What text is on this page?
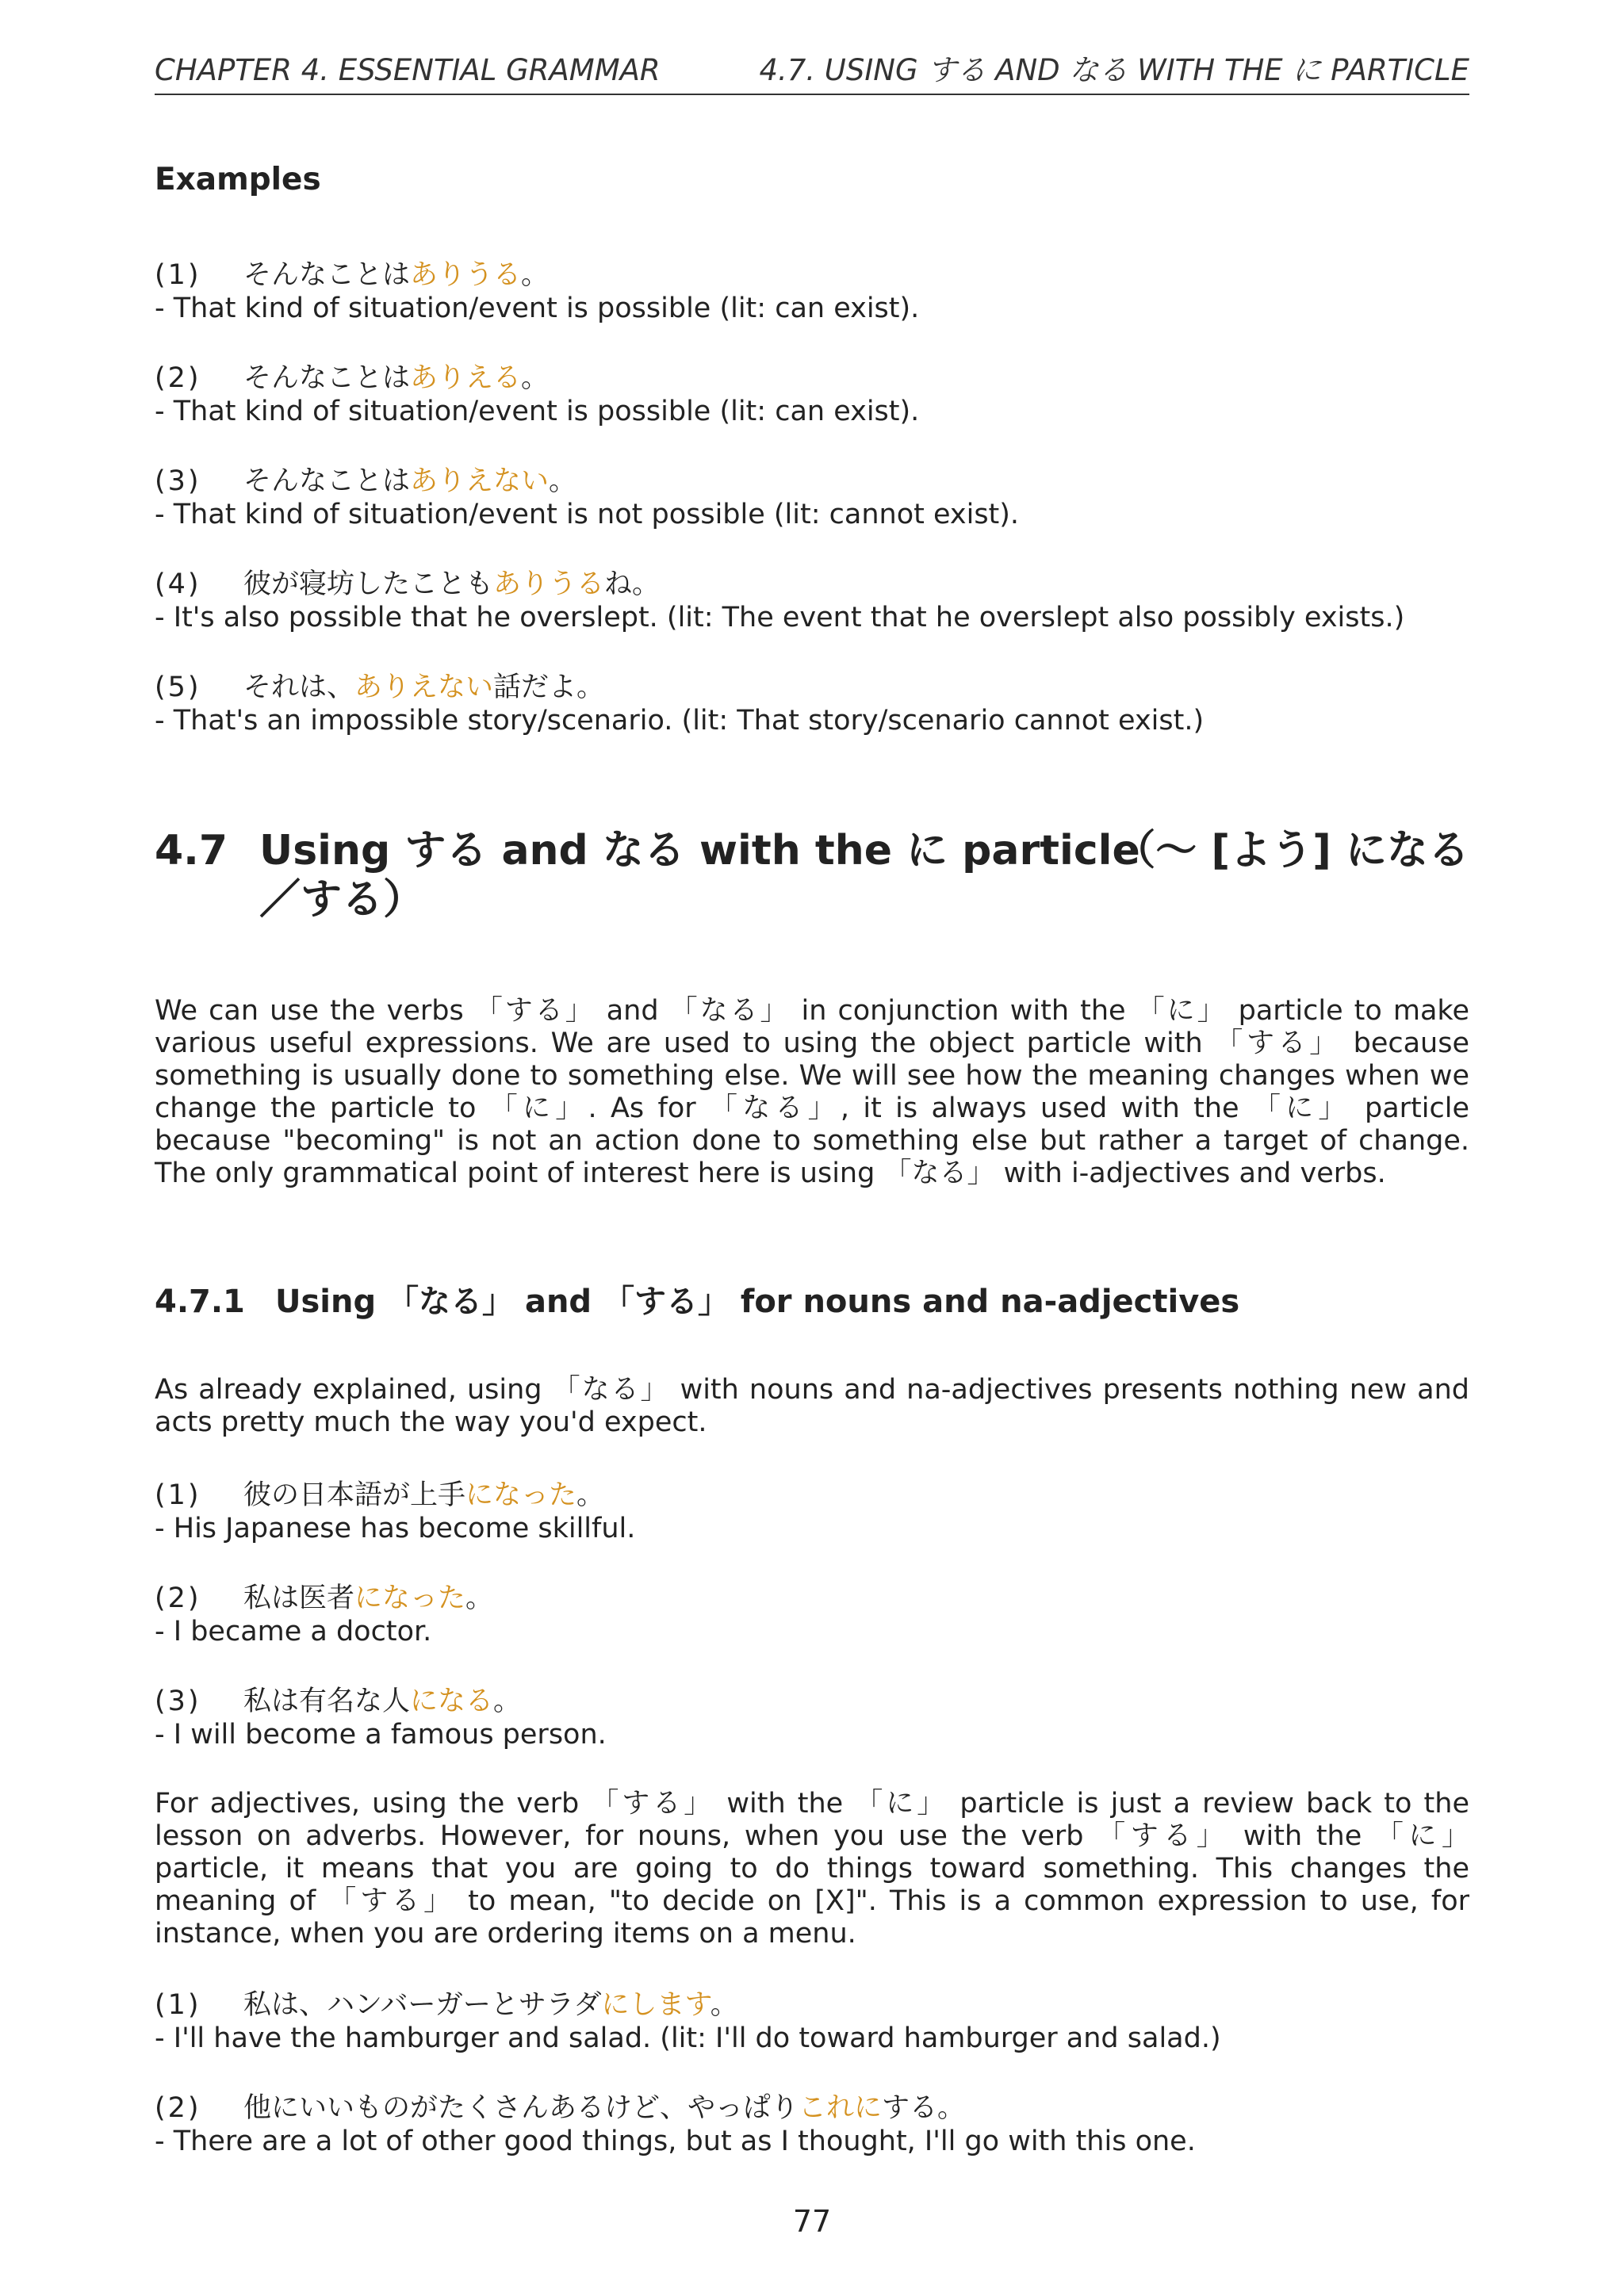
CHAPTER 4. ESSENTIAL GRAMMAR	4.7. USING する AND なる WITH THE に PARTICLE
Examples
(1) そんなことはありうる。
- That kind of situation/event is possible (lit: can exist).
(2) そんなことはありえる。
- That kind of situation/event is possible (lit: can exist).
(3) そんなことはありえない。
- That kind of situation/event is not possible (lit: cannot exist).
(4) 彼が寝坊したこともありうるね。
- It's also possible that he overslept. (lit: The event that he overslept also possibly exists.)
(5) それは、ありえない話だよ。
- That's an impossible story/scenario. (lit: That story/scenario cannot exist.)
4.7 Using する and なる with the に particle
（～ [よう] になる
／する）

We can use the verbs 「する」 and 「なる」 in conjunction with the 「に」 particle to make various useful expressions. We are used to using the object particle with 「する」 because something is usually done to something else. We will see how the meaning changes when we change the particle to 「に」. As for 「なる」, it is always used with the 「に」 particle because "becoming" is not an action done to something else but rather a target of change. The only grammatical point of interest here is using 「なる」 with i-adjectives and verbs.

4.7.1 Using 「なる」 and 「する」 for nouns and na-adjectives

As already explained, using 「なる」 with nouns and na-adjectives presents nothing new and acts pretty much the way you'd expect.

(1) 彼の日本語が上手になった。
- His Japanese has become skillful.
(2) 私は医者になった。
- I became a doctor.
(3) 私は有名な人になる。
- I will become a famous person.

For adjectives, using the verb 「する」 with the 「に」 particle is just a review back to the lesson on adverbs. However, for nouns, when you use the verb 「する」 with the 「に」 particle, it means that you are going to do things toward something. This changes the meaning of 「する」 to mean, "to decide on [X]". This is a common expression to use, for instance, when you are ordering items on a menu.

(1) 私は、ハンバーガーとサラダにします。
- I'll have the hamburger and salad. (lit: I'll do toward hamburger and salad.)
(2) 他にいいものがたくさんあるけど、やっぱりこれにする。
- There are a lot of other good things, but as I thought, I'll go with this one.
77
